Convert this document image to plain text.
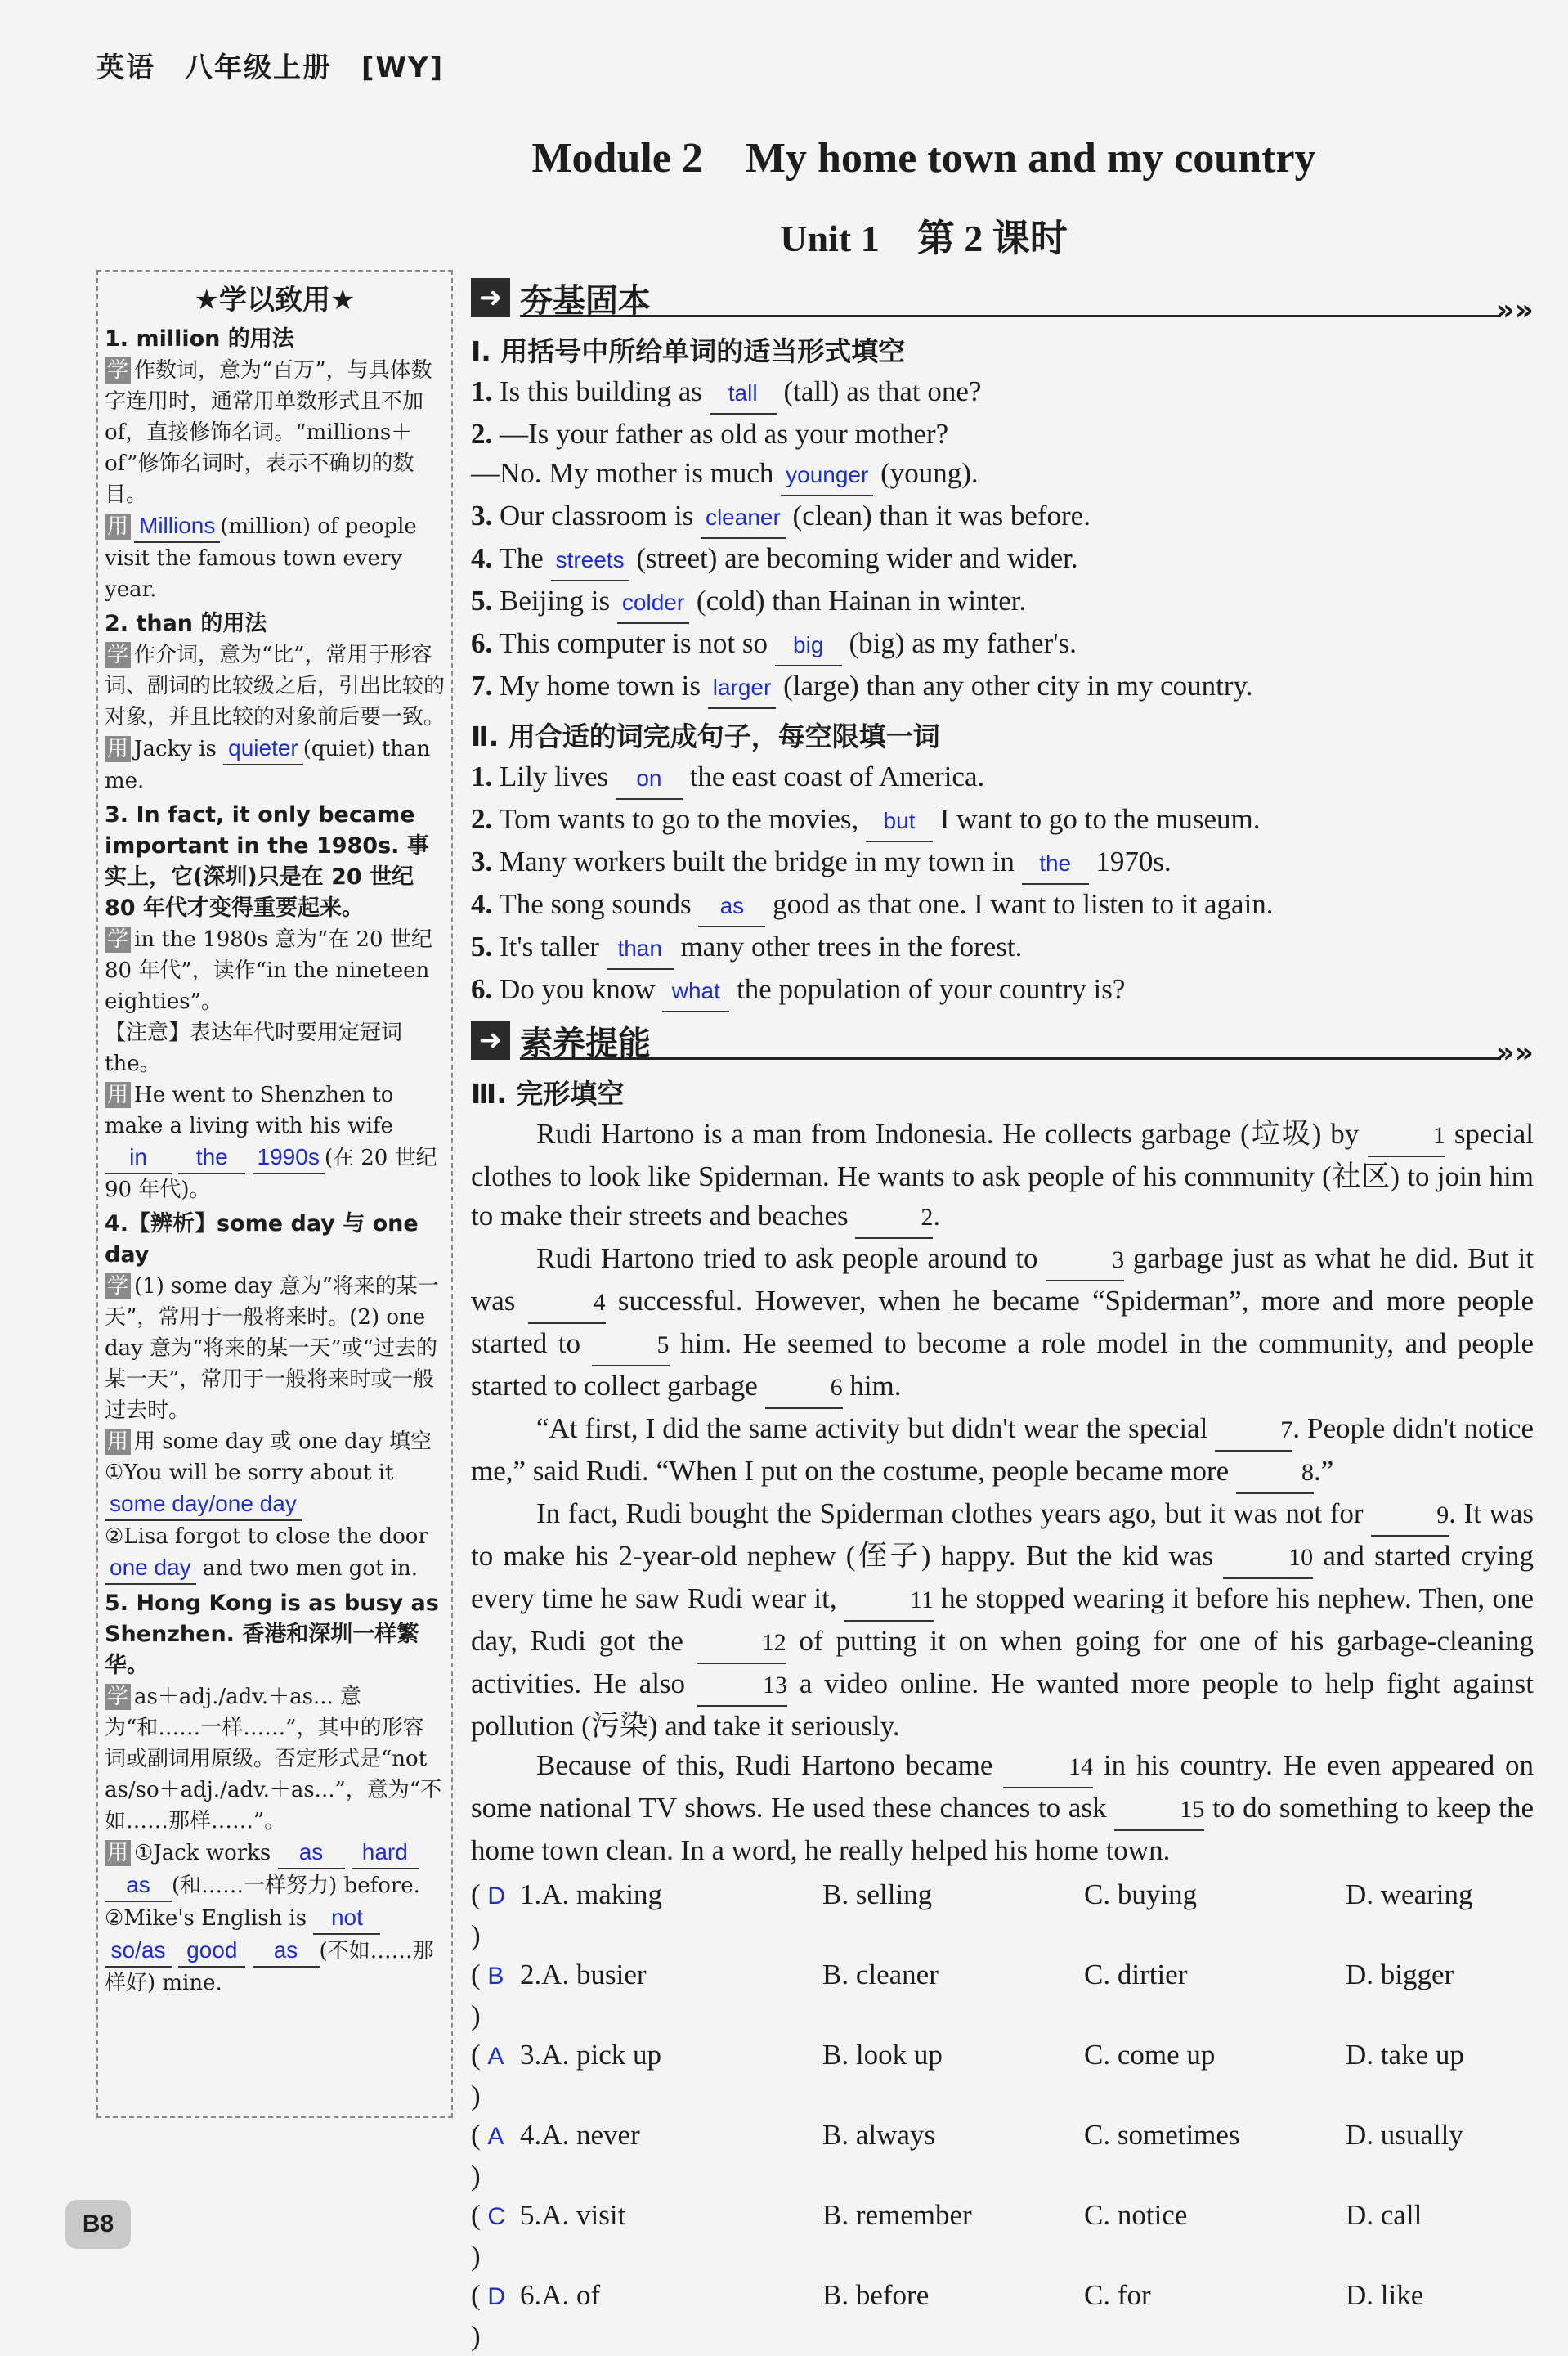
英语　八年级上册　[WY]
Module 2　My home town and my country
Unit 1　第 2 课时
★学以致用★
1. million 的用法
学 作数词，意为“百万”，与具体数字连用时，通常用单数形式且不加 of，直接修饰名词。“millions＋of”修饰名词时，表示不确切的数目。
用 Millions (million) of people visit the famous town every year.
2. than 的用法
学 作介词，意为“比”，常用于形容词、副词的比较级之后，引出比较的对象，并且比较的对象前后要一致。
用 Jacky is quieter (quiet) than me.
3. In fact, it only became important in the 1980s. 事实上，它(深圳)只是在 20 世纪 80 年代才变得重要起来。
学 in the 1980s 意为“在 20 世纪 80 年代”，读作“in the nineteen eighties”。
【注意】表达年代时要用定冠词 the。
用 He went to Shenzhen to make a living with his wife in the 1990s (在 20 世纪 90 年代)。
4.【辨析】some day 与 one day
学 (1) some day 意为“将来的某一天”，常用于一般将来时。(2) one day 意为“将来的某一天”或“过去的某一天”，常用于一般将来时或一般过去时。
用 用 some day 或 one day 填空
①You will be sorry about it some day/one day
②Lisa forgot to close the door one day and two men got in.
5. Hong Kong is as busy as Shenzhen. 香港和深圳一样繁华。
学 as＋adj./adv.＋as... 意为“和……一样……”，其中的形容词或副词用原级。否定形式是“not as/so＋adj./adv.＋as...”，意为“不如……那样……”。
用 ①Jack works as hard as (和……一样努力) before.
②Mike's English is not so/as good as (不如……那样好) mine.
➜ 夯基固本	»»
Ⅰ. 用括号中所给单词的适当形式填空
1. Is this building as tall (tall) as that one?
2. —Is your father as old as your mother?
—No. My mother is much younger (young).
3. Our classroom is cleaner (clean) than it was before.
4. The streets (street) are becoming wider and wider.
5. Beijing is colder (cold) than Hainan in winter.
6. This computer is not so big (big) as my father's.
7. My home town is larger (large) than any other city in my country.
Ⅱ. 用合适的词完成句子，每空限填一词
1. Lily lives on the east coast of America.
2. Tom wants to go to the movies, but I want to go to the museum.
3. Many workers built the bridge in my town in the 1970s.
4. The song sounds as good as that one. I want to listen to it again.
5. It's taller than many other trees in the forest.
6. Do you know what the population of your country is?
➜ 素养提能	»»
Ⅲ. 完形填空

Rudi Hartono is a man from Indonesia. He collects garbage (垃圾) by	1 special clothes to look like Spiderman. He wants to ask people of his community (社区) to join him to make their streets and beaches	2.

Rudi Hartono tried to ask people around to	3 garbage just as what he did. But it was	4 successful. However, when he became “Spiderman”, more and more people started to	5 him. He seemed to become a role model in the community, and people started to collect garbage	6 him.

“At first, I did the same activity but didn't wear the special	7. People didn't notice me,” said Rudi. “When I put on the costume, people became more	8.”

In fact, Rudi bought the Spiderman clothes years ago, but it was not for	9. It was to make his 2-year-old nephew (侄子) happy. But the kid was	10 and started crying every time he saw Rudi wear it,	11 he stopped wearing it before his nephew. Then, one day, Rudi got the	12 of putting it on when going for one of his garbage-cleaning activities. He also	13 a video online. He wanted more people to help fight against pollution (污染) and take it seriously.

Because of this, Rudi Hartono became	14 in his country. He even appeared on some national TV shows. He used these chances to ask	15 to do something to keep the home town clean. In a word, he really helped his home town.

( D )
1.A. making	B. selling	C. buying	D. wearing
( B )
2.A. busier	B. cleaner	C. dirtier	D. bigger
( A )
3.A. pick up	B. look up	C. come up	D. take up
( A )
4.A. never	B. always	C. sometimes	D. usually
( C )
5.A. visit	B. remember	C. notice	D. call
( D )
6.A. of	B. before	C. for	D. like
B8
